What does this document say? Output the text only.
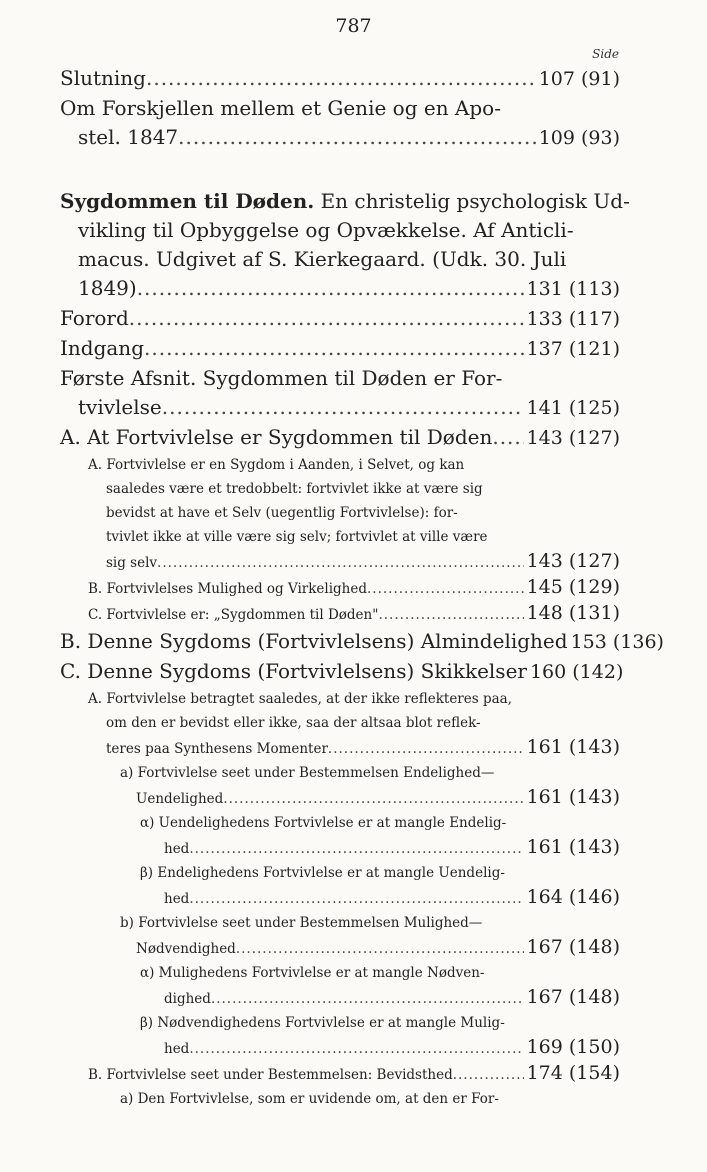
787
Side
Slutning .....	107 (91)
Om Forskjellen mellem et Genie og en Apo-
stel. 1847 .....	109 (93)
Sygdommen til Døden. En christelig psychologisk Ud-
vikling til Opbyggelse og Opvækkelse. Af Anticli-
macus. Udgivet af S. Kierkegaard. (Udk. 30. Juli
1849) .....	131 (113)
Forord .....	133 (117)
Indgang .....	137 (121)
Første Afsnit. Sygdommen til Døden er For-
tvivlelse .....	141 (125)
A. At Fortvivlelse er Sygdommen til Døden ..... 143 (127)
A. Fortvivlelse er en Sygdom i Aanden, i Selvet, og kan
saaledes være et tredobbelt: fortvivlet ikke at være sig
bevidst at have et Selv (uegentlig Fortvivlelse): for-
tvivlet ikke at ville være sig selv; fortvivlet at ville være
sig selv .....	143 (127)
B. Fortvivlelses Mulighed og Virkelighed .....	145 (129)
C. Fortvivlelse er: „Sygdommen til Døden" .....	148 (131)
B. Denne Sygdoms (Fortvivlelsens) Almindelighed 153 (136)
C. Denne Sygdoms (Fortvivlelsens) Skikkelser 160 (142)
A. Fortvivlelse betragtet saaledes, at der ikke reflekteres paa,
om den er bevidst eller ikke, saa der altsaa blot reflek-
teres paa Synthesens Momenter .....	161 (143)
a) Fortvivlelse seet under Bestemmelsen Endelighed—
Uendelighed .....	161 (143)
α) Uendelighedens Fortvivlelse er at mangle Endelig-
hed .....	161 (143)
β) Endelighedens Fortvivlelse er at mangle Uendelig-
hed .....	164 (146)
b) Fortvivlelse seet under Bestemmelsen Mulighed—
Nødvendighed .....	167 (148)
α) Mulighedens Fortvivlelse er at mangle Nødven-
dighed .....	167 (148)
β) Nødvendighedens Fortvivlelse er at mangle Mulig-
hed .....	169 (150)
B. Fortvivlelse seet under Bestemmelsen: Bevidsthed .....	174 (154)
a) Den Fortvivlelse, som er uvidende om, at den er For-
